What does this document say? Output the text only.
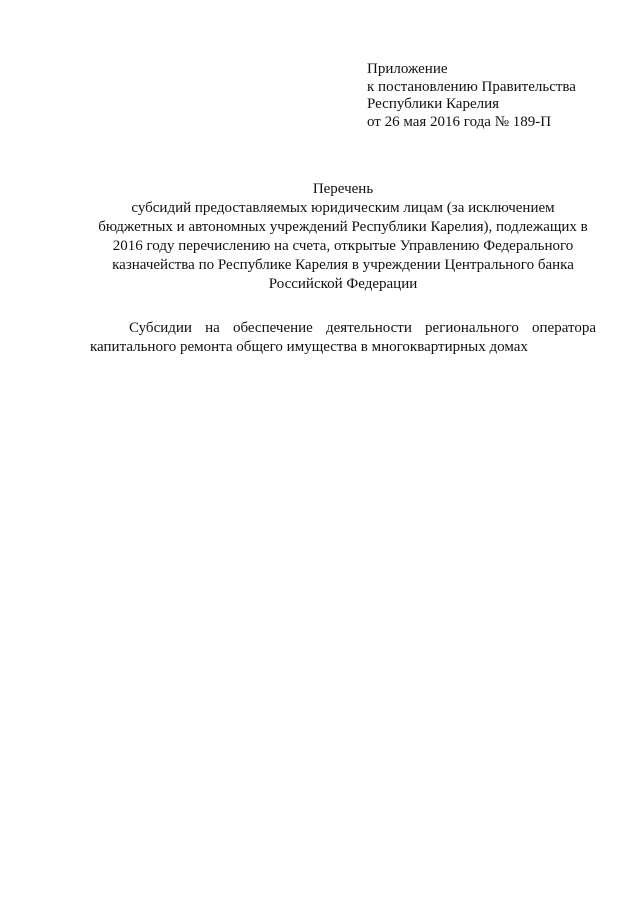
Приложение
к постановлению Правительства
Республики Карелия
от 26 мая 2016 года № 189-П
Перечень
субсидий предоставляемых юридическим лицам (за исключением
бюджетных и автономных учреждений Республики Карелия), подлежащих в
2016 году перечислению на счета, открытые Управлению Федерального
казначейства по Республике Карелия в учреждении Центрального банка
Российской Федерации
Субсидии на обеспечение деятельности регионального оператора
капитального ремонта общего имущества в многоквартирных домах
